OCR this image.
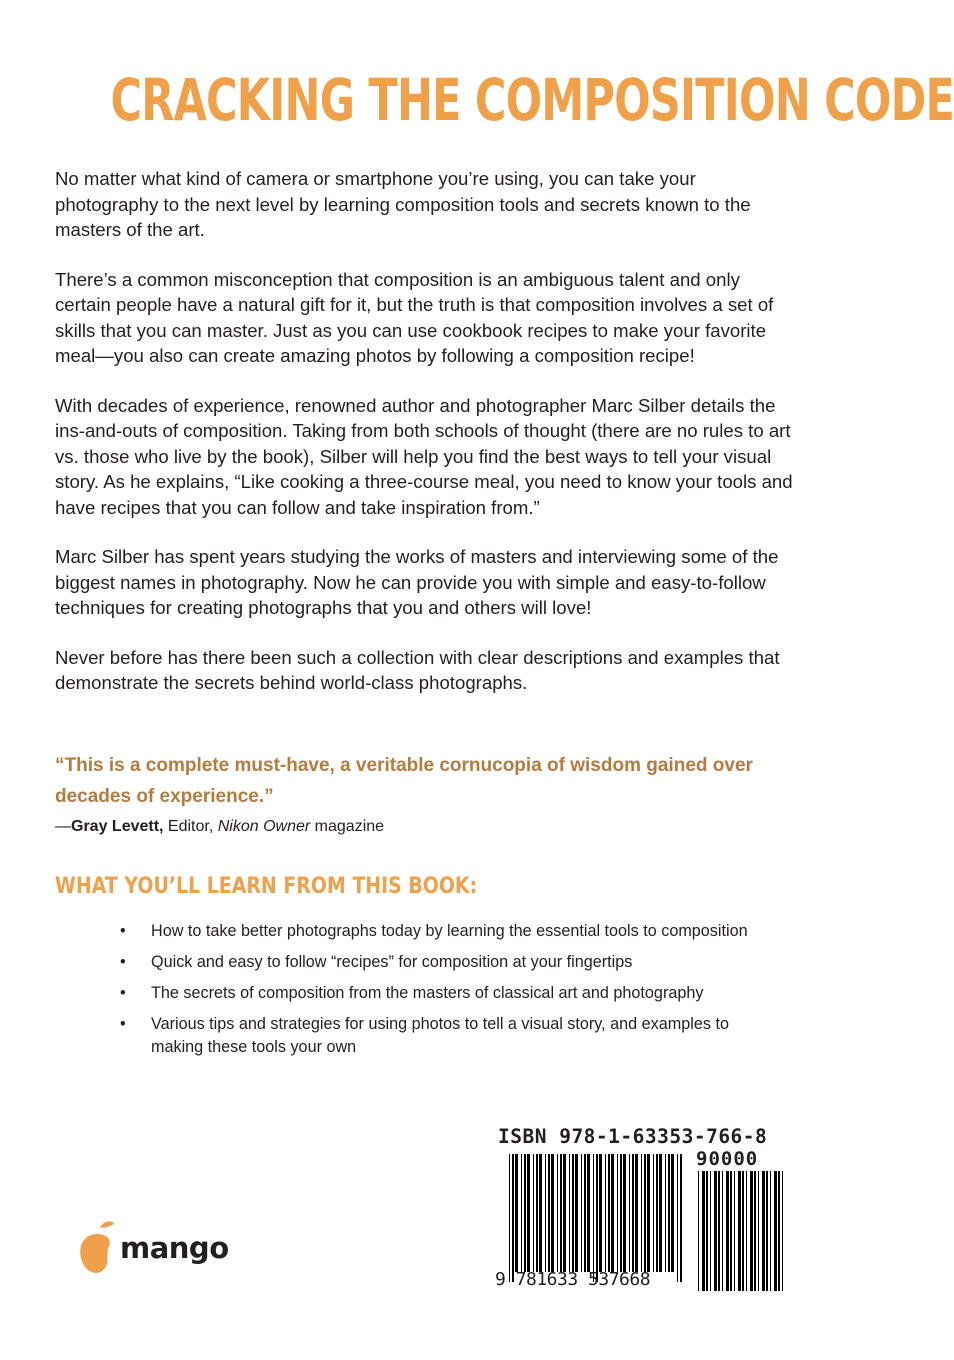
CRACKING THE COMPOSITION CODE

No matter what kind of camera or smartphone you’re using, you can take your photography to the next level by learning composition tools and secrets known to the masters of the art.

There’s a common misconception that composition is an ambiguous talent and only certain people have a natural gift for it, but the truth is that composition involves a set of skills that you can master. Just as you can use cookbook recipes to make your favorite meal—you also can create amazing photos by following a composition recipe!

With decades of experience, renowned author and photographer Marc Silber details the ins-and-outs of composition. Taking from both schools of thought (there are no rules to art vs. those who live by the book), Silber will help you find the best ways to tell your visual story. As he explains, “Like cooking a three-course meal, you need to know your tools and have recipes that you can follow and take inspiration from.”

Marc Silber has spent years studying the works of masters and interviewing some of the biggest names in photography. Now he can provide you with simple and easy-to-follow techniques for creating photographs that you and others will love!

Never before has there been such a collection with clear descriptions and examples that demonstrate the secrets behind world-class photographs.

“This is a complete must-have, a veritable cornucopia of wisdom gained over decades of experience.”
—Gray Levett, Editor, Nikon Owner magazine
WHAT YOU’LL LEARN FROM THIS BOOK:
• How to take better photographs today by learning the essential tools to composition
• Quick and easy to follow “recipes” for composition at your fingertips
• The secrets of composition from the masters of classical art and photography
• Various tips and strategies for using photos to tell a visual story, and examples to making these tools your own
mango
ISBN 978-1-63353-766-8
90000
9 781633 537668
